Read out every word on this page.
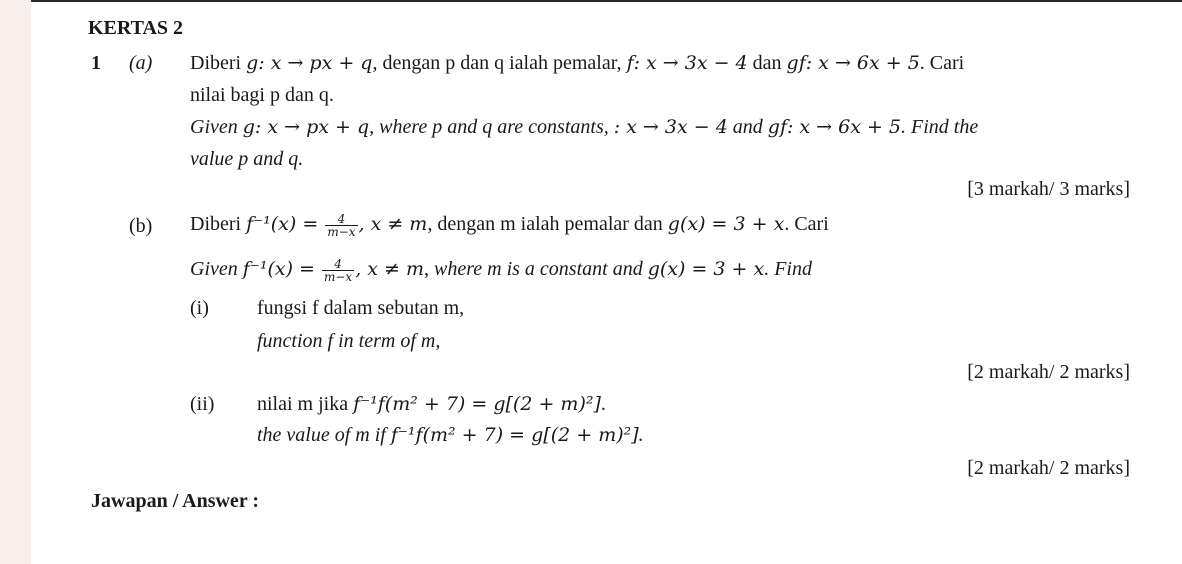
KERTAS 2
1 (a) Diberi g: x → px + q, dengan p dan q ialah pemalar, f: x → 3x − 4 dan gf: x → 6x + 5. Cari
nilai bagi p dan q.
Given g: x → px + q, where p and q are constants, : x → 3x − 4 and gf: x → 6x + 5. Find the
value p and q.
[3 markah/ 3 marks]
(b) Diberi $f^{-1}(x) = \frac{4}{m-x}$ , x ≠ m, dengan m ialah pemalar dan g(x) = 3 + x. Cari
Given $f^{-1}(x) = \frac{4}{m-x}$ , x ≠ m, where m is a constant and g(x) = 3 + x. Find
(i) fungsi f dalam sebutan m,
function f in term of m,
[2 markah/ 2 marks]
(ii) nilai m jika f⁻¹f(m² + 7) = g[(2 + m)²].
the value of m if f⁻¹f(m² + 7) = g[(2 + m)²].
[2 markah/ 2 marks]
Jawapan / Answer :
